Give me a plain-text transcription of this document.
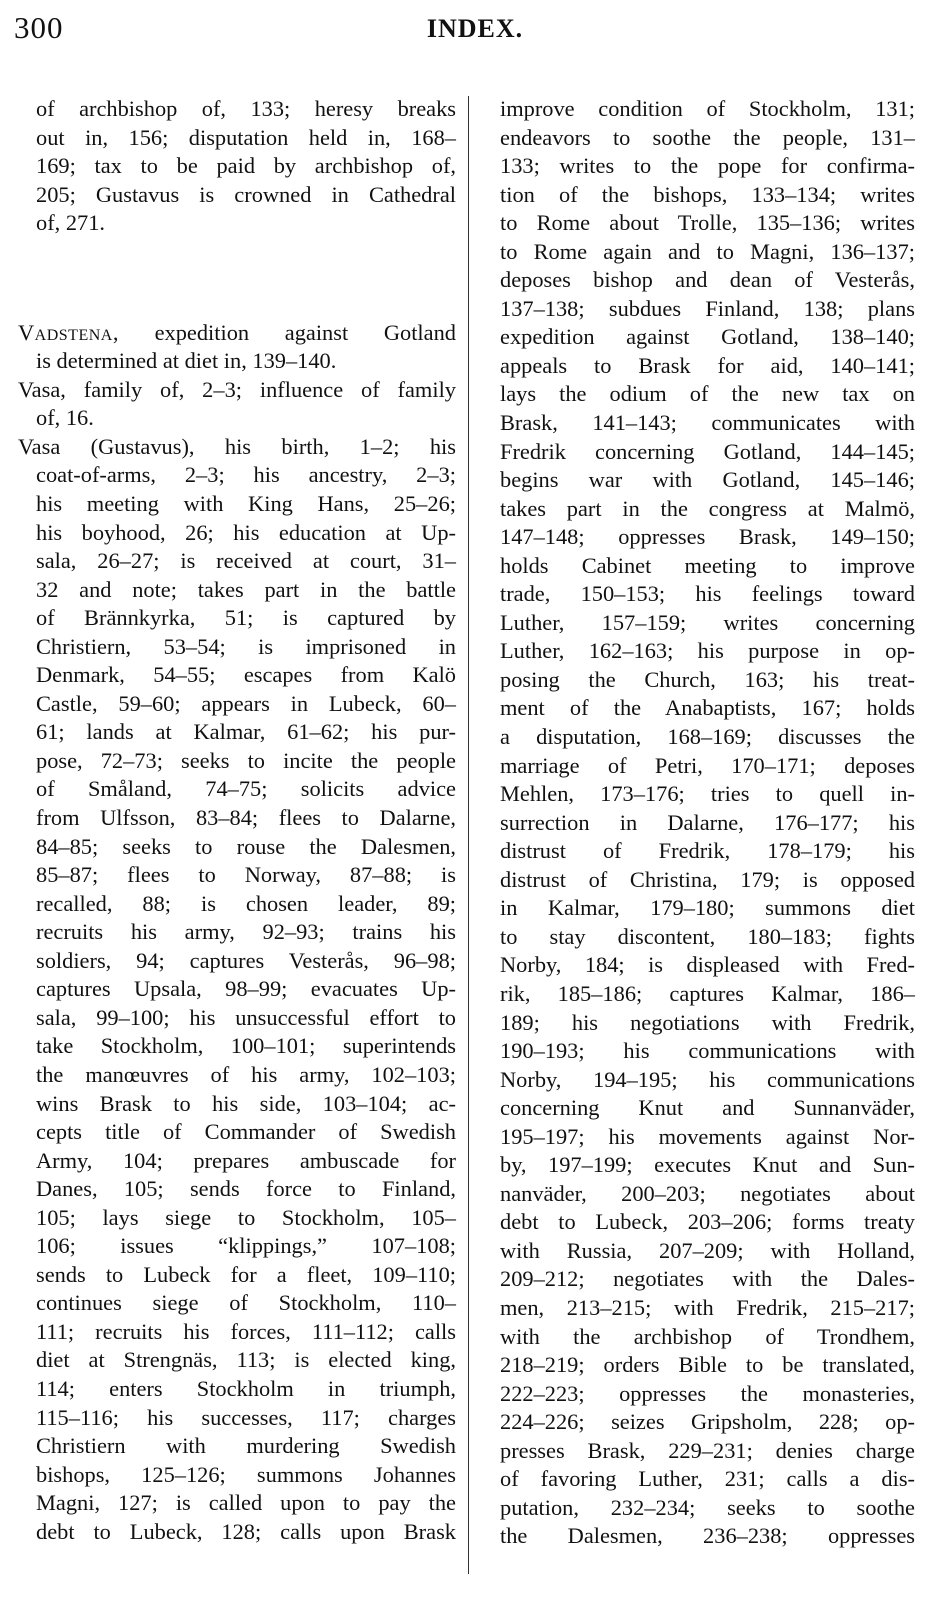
300	INDEX.
of archbishop of, 133; heresy breaks
out in, 156; disputation held in, 168–
169; tax to be paid by archbishop of,
205; Gustavus is crowned in Cathedral
of, 271.
Vadstena, expedition against Gotland
is determined at diet in, 139–140.
Vasa, family of, 2–3; influence of family
of, 16.
Vasa (Gustavus), his birth, 1–2; his
coat-of-arms, 2–3; his ancestry, 2–3;
his meeting with King Hans, 25–26;
his boyhood, 26; his education at Up-
sala, 26–27; is received at court, 31–
32 and note; takes part in the battle
of Brännkyrka, 51; is captured by
Christiern, 53–54; is imprisoned in
Denmark, 54–55; escapes from Kalö
Castle, 59–60; appears in Lubeck, 60–
61; lands at Kalmar, 61–62; his pur-
pose, 72–73; seeks to incite the people
of Småland, 74–75; solicits advice
from Ulfsson, 83–84; flees to Dalarne,
84–85; seeks to rouse the Dalesmen,
85–87; flees to Norway, 87–88; is
recalled, 88; is chosen leader, 89;
recruits his army, 92–93; trains his
soldiers, 94; captures Vesterås, 96–98;
captures Upsala, 98–99; evacuates Up-
sala, 99–100; his unsuccessful effort to
take Stockholm, 100–101; superintends
the manœuvres of his army, 102–103;
wins Brask to his side, 103–104; ac-
cepts title of Commander of Swedish
Army, 104; prepares ambuscade for
Danes, 105; sends force to Finland,
105; lays siege to Stockholm, 105–
106; issues “klippings,” 107–108;
sends to Lubeck for a fleet, 109–110;
continues siege of Stockholm, 110–
111; recruits his forces, 111–112; calls
diet at Strengnäs, 113; is elected king,
114; enters Stockholm in triumph,
115–116; his successes, 117; charges
Christiern with murdering Swedish
bishops, 125–126; summons Johannes
Magni, 127; is called upon to pay the
debt to Lubeck, 128; calls upon Brask
improve condition of Stockholm, 131;
endeavors to soothe the people, 131–
133; writes to the pope for confirma-
tion of the bishops, 133–134; writes
to Rome about Trolle, 135–136; writes
to Rome again and to Magni, 136–137;
deposes bishop and dean of Vesterås,
137–138; subdues Finland, 138; plans
expedition against Gotland, 138–140;
appeals to Brask for aid, 140–141;
lays the odium of the new tax on
Brask, 141–143; communicates with
Fredrik concerning Gotland, 144–145;
begins war with Gotland, 145–146;
takes part in the congress at Malmö,
147–148; oppresses Brask, 149–150;
holds Cabinet meeting to improve
trade, 150–153; his feelings toward
Luther, 157–159; writes concerning
Luther, 162–163; his purpose in op-
posing the Church, 163; his treat-
ment of the Anabaptists, 167; holds
a disputation, 168–169; discusses the
marriage of Petri, 170–171; deposes
Mehlen, 173–176; tries to quell in-
surrection in Dalarne, 176–177; his
distrust of Fredrik, 178–179; his
distrust of Christina, 179; is opposed
in Kalmar, 179–180; summons diet
to stay discontent, 180–183; fights
Norby, 184; is displeased with Fred-
rik, 185–186; captures Kalmar, 186–
189; his negotiations with Fredrik,
190–193; his communications with
Norby, 194–195; his communications
concerning Knut and Sunnanväder,
195–197; his movements against Nor-
by, 197–199; executes Knut and Sun-
nanväder, 200–203; negotiates about
debt to Lubeck, 203–206; forms treaty
with Russia, 207–209; with Holland,
209–212; negotiates with the Dales-
men, 213–215; with Fredrik, 215–217;
with the archbishop of Trondhem,
218–219; orders Bible to be translated,
222–223; oppresses the monasteries,
224–226; seizes Gripsholm, 228; op-
presses Brask, 229–231; denies charge
of favoring Luther, 231; calls a dis-
putation, 232–234; seeks to soothe
the Dalesmen, 236–238; oppresses
